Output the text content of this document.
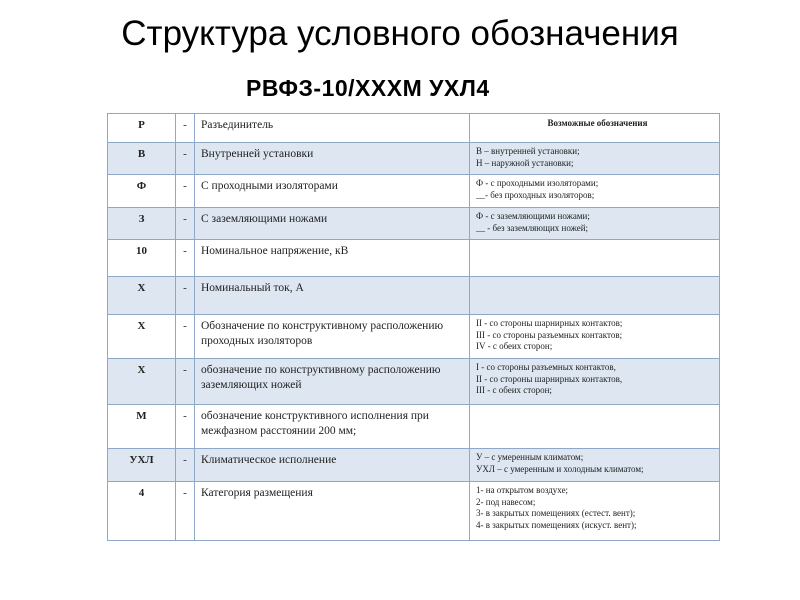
Структура условного обозначения
РВФЗ-10/XXXM УХЛ4
Р	-	Разъединитель	Возможные обозначения

В	-	Внутренней установки	В – внутренней установки;
Н – наружной установки;

Ф	-	С проходными изоляторами	Ф - с проходными изоляторами;
__- без проходных изоляторов;

З	-	С заземляющими ножами	Ф - с заземляющими ножами;
__ - без заземляющих ножей;

10	-	Номинальное напряжение, кВ	
Х	-	Номинальный ток, А	
Х	-	Обозначение по конструктивному расположению проходных изоляторов	II - со стороны шарнирных контактов;
III - со стороны разъемных контактов;
IV - с обеих сторон;

Х	-	обозначение по конструктивному расположению заземляющих ножей	I - со стороны разъемных контактов,
II - со стороны шарнирных контактов,
III - с обеих сторон;

М	-	обозначение конструктивного исполнения при межфазном расстоянии 200 мм;	
УХЛ	-	Климатическое исполнение	У – с умеренным климатом;
УХЛ – с умеренным и холодным климатом;

4	-	Категория размещения	1- на открытом воздухе;
2- под навесом;
3- в закрытых помещениях (естест. вент);
4- в закрытых помещениях (искуст. вент);
